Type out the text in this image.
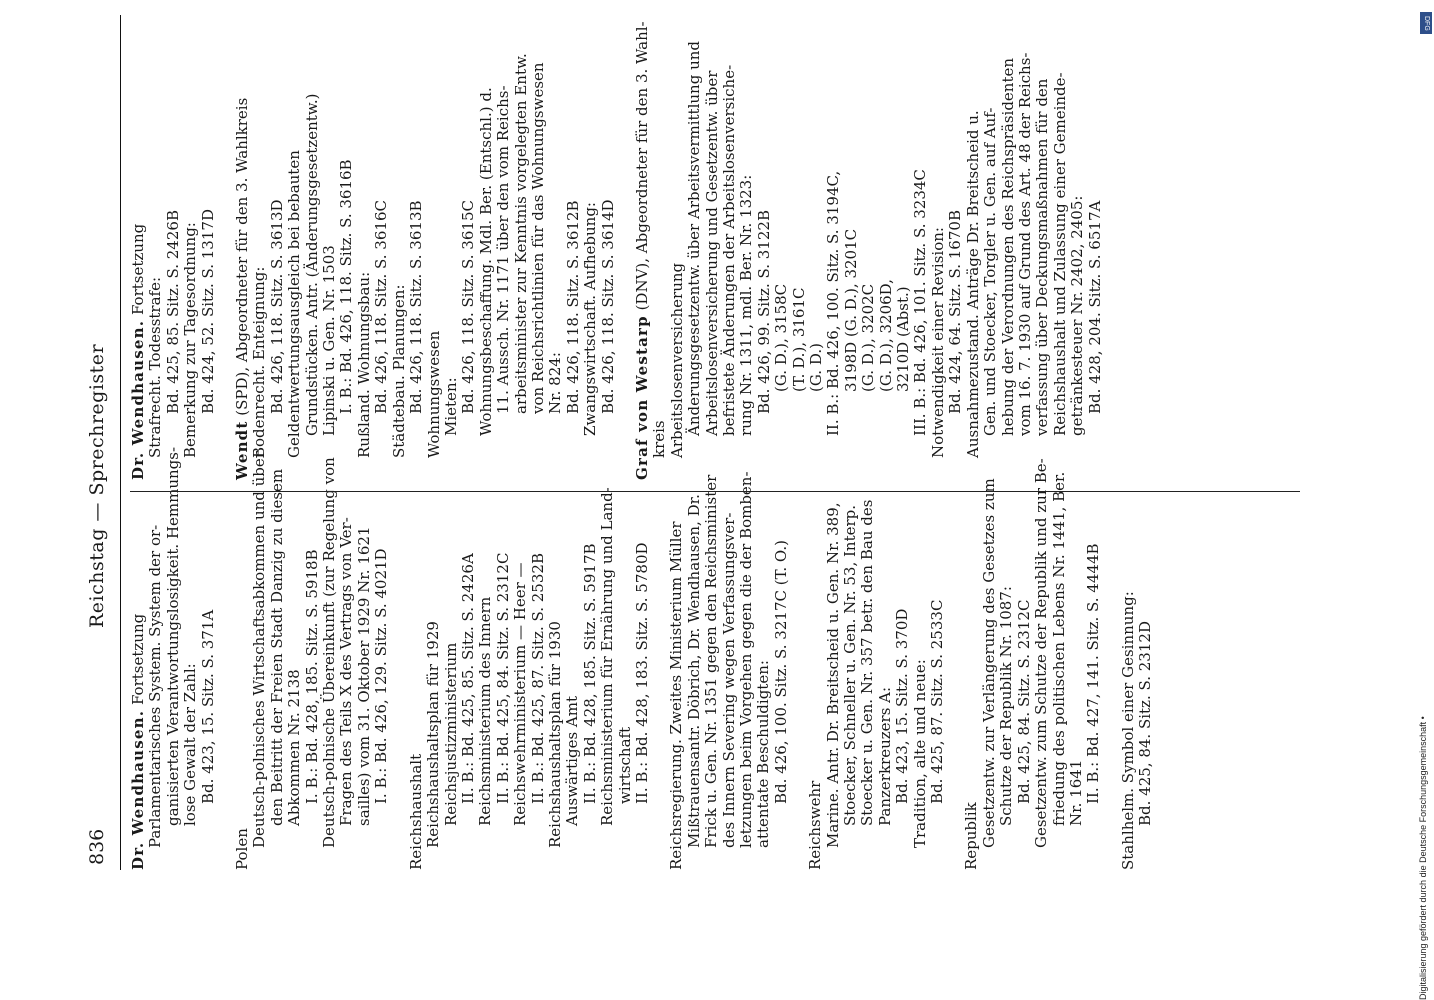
836
Reichstag — Sprechregister
Dr. Wendhausen. Fortsetzung Parlamentarisches System. System der or- ganisierten Verantwortungslosigkeit. Hemmungs- lose Gewalt der Zahl: Bd. 423, 15. Sitz. S. 371A
Polen
Deutsch-polnisches Wirtschaftsabkommen und über den Beitritt der Freien Stadt Danzig zu diesem Abkommen Nr. 2138 I. B.: Bd. 428, 185. Sitz. S. 5918B Deutsch-polnische Übereinkunft (zur Regelung von Fragen des Teils X des Vertrags von Ver- sailles) vom 31. Oktober 1929 Nr. 1621 I. B.: Bd. 426, 129. Sitz. S. 4021D
Reichshaushalt Reichshaushaltsplan für 1929 Reichsjustizministerium II. B.: Bd. 425, 85. Sitz. S. 2426A Reichsministerium des Innern II. B.: Bd. 425, 84. Sitz. S. 2312C Reichswehrministerium — Heer — II. B.: Bd. 425, 87. Sitz. S. 2532B Reichshaushaltsplan für 1930 Auswärtiges Amt II. B.: Bd. 428, 185. Sitz. S. 5917B Reichsministerium für Ernährung und Land- wirtschaft II. B.: Bd. 428, 183. Sitz. S. 5780D Reichsregierung. Zweites Ministerium Müller Mißtrauensantr. Döbrich, Dr. Wendhausen, Dr. Frick u. Gen. Nr. 1351 gegen den Reichsminister des Innern Severing wegen Verfassungsver- letzungen beim Vorgehen gegen die der Bomben- attentate Beschuldigten: Bd. 426, 100. Sitz. S. 3217C (T. O.)
Reichswehr Marine. Antr. Dr. Breitscheid u. Gen. Nr. 389, Stoecker, Schneller u. Gen. Nr. 53, Interp. Stoecker u. Gen. Nr. 357 betr. den Bau des Panzerkreuzers A: Bd. 423, 15. Sitz. S. 370D Tradition, alte und neue: Bd. 425, 87. Sitz. S. 2533C
Republik Gesetzentw. zur Verlängerung des Gesetzes zum Schutze der Republik Nr. 1087: Bd. 425, 84. Sitz. S. 2312C Gesetzentw. zum Schutze der Republik und zur Be- friedung des politischen Lebens Nr. 1441, Ber. Nr. 1641 II. B.: Bd. 427, 141. Sitz. S. 4444B Stahlhelm. Symbol einer Gesinnung: Bd. 425, 84. Sitz. S. 2312D
Dr. Wendhausen. Fortsetzung
Strafrecht. Todesstrafe: Bd. 425, 85. Sitz. S. 2426B Bemerkung zur Tagesordnung: Bd. 424, 52. Sitz. S. 1317D
Wendt (SPD), Abgeordneter für den 3. Wahlkreis Bodenrecht. Enteignung: Bd. 426, 118. Sitz. S. 3613D Geldentwertungsausgleich bei bebauten Grundstücken. Antr. (Änderungsgesetzentw.) Lipinski u. Gen. Nr. 1503 I. B.: Bd. 426, 118. Sitz. S. 3616B Rußland. Wohnungsbau: Bd. 426, 118. Sitz. S. 3616C Städtebau. Planungen: Bd. 426, 118. Sitz. S. 3613B Wohnungswesen Mieten: Bd. 426, 118. Sitz. S. 3615C Wohnungsbeschaffung. Mdl. Ber. (Entschl.) d. 11. Aussch. Nr. 1171 über den vom Reichs- arbeitsminister zur Kenntnis vorgelegten Entw. von Reichsrichtlinien für das Wohnungswesen Nr. 824: Bd. 426, 118. Sitz. S. 3612B Zwangswirtschaft. Aufhebung: Bd. 426, 118. Sitz. S. 3614D Graf von Westarp (DNV), Abgeordneter für den 3. Wahl-
kreis Arbeitslosenversicherung Änderungsgesetzentw. über Arbeitsvermittlung und Arbeitslosenversicherung und Gesetzentw. über befristete Änderungen der Arbeitslosenversiche- rung Nr. 1311, mdl. Ber. Nr. 1323: Bd. 426, 99. Sitz. S. 3122B (G. D.), 3158C (T. D.), 3161C (G. D.) II. B.: Bd. 426, 100. Sitz. S. 3194C, 3198D (G. D.), 3201C (G. D.), 3202C (G. D.), 3206D, 3210D (Abst.) III. B.: Bd. 426, 101. Sitz. S. 3234C Notwendigkeit einer Revision: Bd. 424, 64. Sitz. S. 1670B Ausnahmezustand. Anträge Dr. Breitscheid u. Gen. und Stoecker, Torgler u. Gen. auf Auf- hebung der Verordnungen des Reichspräsidenten vom 16. 7. 1930 auf Grund des Art. 48 der Reichs- verfassung über Deckungsmaßnahmen für den Reichshaushalt und Zulassung einer Gemeinde- getränkesteuer Nr. 2402, 2405: Bd. 428, 204. Sitz. S. 6517A
Digitalisierung gefördert durch die Deutsche Forschungsgemeinschaft •
DFG
